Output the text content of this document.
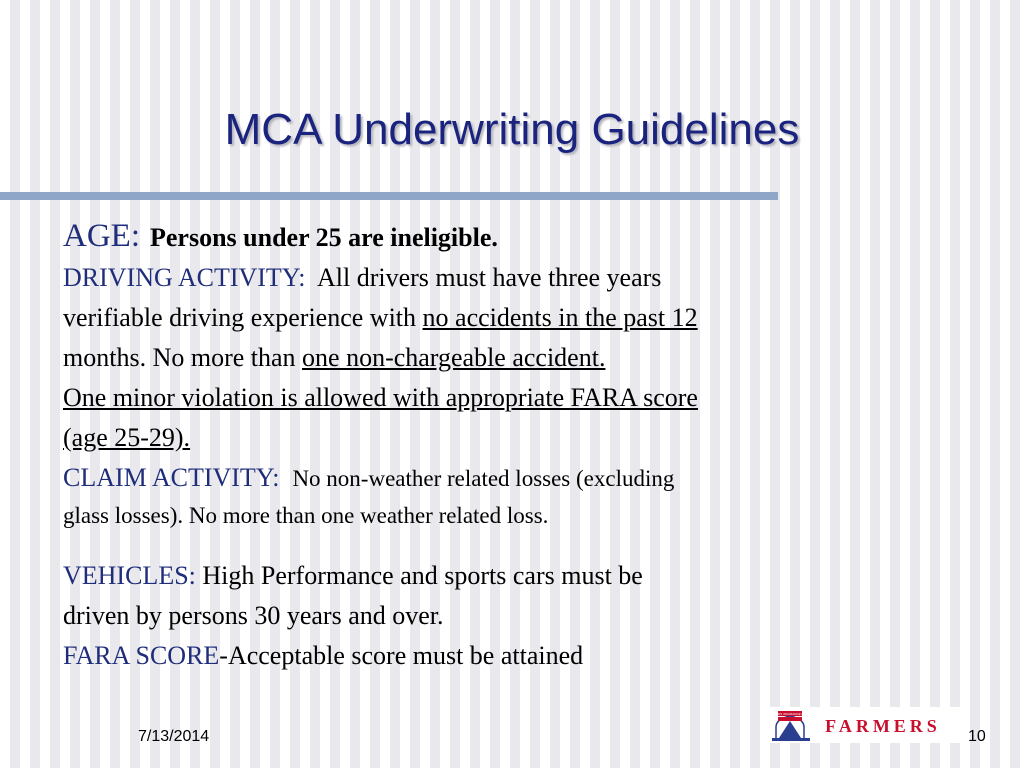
MCA Underwriting Guidelines
AGE: Persons under 25 are ineligible.
DRIVING ACTIVITY: All drivers must have three years
verifiable driving experience with no accidents in the past 12
months. No more than one non-chargeable accident.
One minor violation is allowed with appropriate FARA score
(age 25-29).
CLAIM ACTIVITY: No non-weather related losses (excluding
glass losses). No more than one weather related loss.
VEHICLES: High Performance and sports cars must be
driven by persons 30 years and over.
FARA SCORE-Acceptable score must be attained
7/13/2014
FARMERS INSURANCE GROUP
FARMERS
10
